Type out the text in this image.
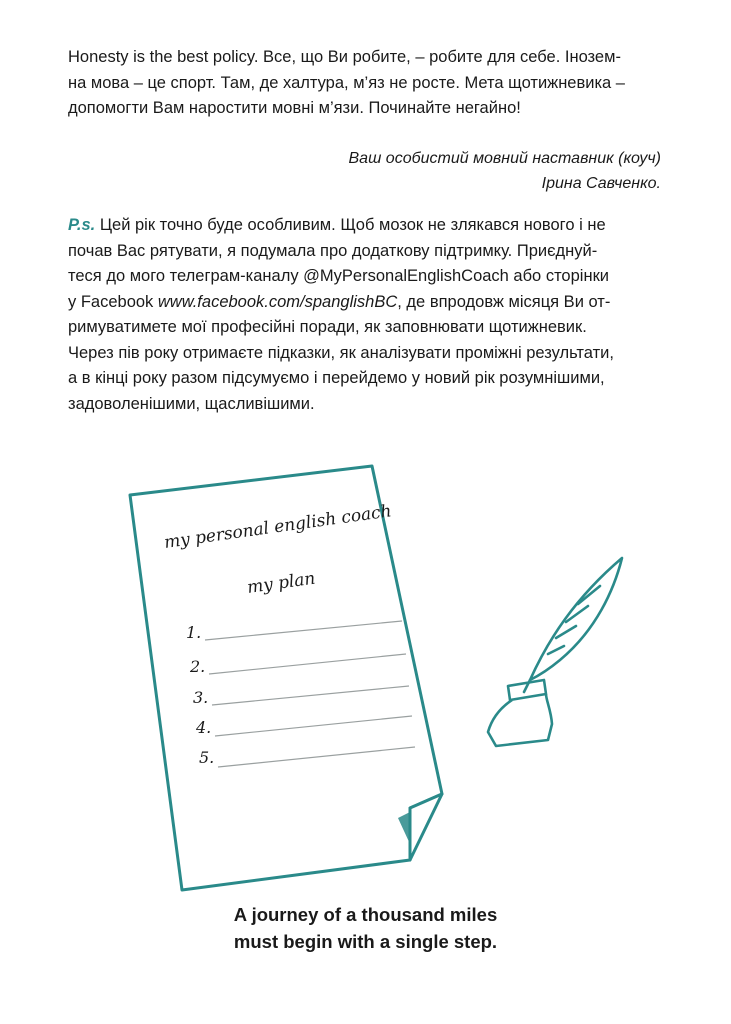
Honesty is the best policy. Все, що Ви робите, – робите для себе. Інозем-
на мова – це спорт. Там, де халтура, м’яз не росте. Мета щотижневика –
допомогти Вам наростити мовні м’язи. Починайте негайно!
Ваш особистий мовний наставник (коуч)
Ірина Савченко.
P.s. Цей рік точно буде особливим. Щоб мозок не злякався нового і не
почав Вас рятувати, я подумала про додаткову підтримку. Приєднуй-
теся до мого телеграм-каналу @MyPersonalEnglishCoach або сторінки
у Facebook www.facebook.com/spanglishBC, де впродовж місяця Ви от-
римуватимете мої професійні поради, як заповнювати щотижневик.
Через пів року отримаєте підказки, як аналізувати проміжні результати,
а в кінці року разом підсумуємо і перейдемо у новий рік розумнішими,
задоволенішими, щасливішими.
my personal english coach
my plan
1.
2.
3.
4.
5.
A journey of a thousand miles
must begin with a single step.
